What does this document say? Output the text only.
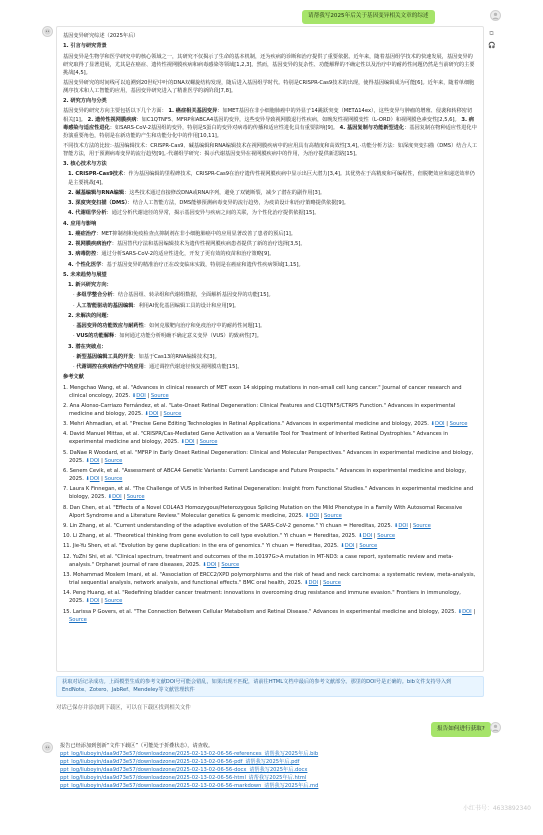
请帮我写2025年后关于基因变异相关文章的综述
⧉
🎧

基因变异研究综述（2025年后）

1. 引言与研究背景

基因变异是生物学和医学研究中的核心领域之一，其研究不仅揭示了生命的基本机制，还为疾病的诊断和治疗提供了重要依据。近年来，随着基因组学技术的快速发展，基因变异的研究取得了显著进展，尤其是在癌症、遗传性视网膜疾病和病毒感染等领域[1,2,3]。然而，基因变异的复杂性、功能解释的不确定性以及治疗中的耐药性问题仍然是当前研究的主要挑战[4,5]。

基因变异研究的时间线可以追溯到20世纪中叶的DNA双螺旋结构发现，随后进入基因组学时代。特别是CRISPR-Cas9技术的出现，使得基因编辑成为可能[6]。近年来，随着单细胞测序技术和人工智能的应用，基因变异研究进入了精准医学的新阶段[7,8]。

2. 研究方向与分类

基因变异的研究方向主要包括以下几个方面： 1. 癌症相关基因变异：如MET基因在非小细胞肺癌中的外显子14跳跃突变（METΔ14ex），这些变异与肿瘤的增殖、侵袭和转移密切相关[1]。 2. 遗传性视网膜疾病：如C1QTNF5、MFRP和ABCA4基因的变异，这些变异导致视网膜退行性疾病，如晚发性视网膜变性（L-ORD）和视网膜色素变性[2,5,6]。 3. 病毒感染与适应性进化：如SARS-CoV-2基因组的变异，特别是S蛋白的变异对病毒的传播和适应性进化具有重要影响[9]。 4. 基因复制与功能新型进化：基因复制在物种适应性进化中扮演重要角色，特别是在新功能的产生和功能分化中的作用[10,11]。

不同技术方法的比较：·基因编辑技术：CRISPR-Cas9、碱基编辑和RNA编辑技术在视网膜疾病中的应用具有高精度和高效性[3,4]。·功能分析方法：如深度突变扫描（DMS）结合人工智能方法，用于预测病毒变异的流行趋势[9]。·代谢组学研究：揭示代谢基因变异在视网膜疾病中的作用，为治疗提供新思路[15]。

3. 核心技术与方法

1. CRISPR-Cas9技术：作为基因编辑的里程碑技术，CRISPR-Cas9在治疗遗传性视网膜疾病中显示出巨大潜力[3,4]。其优势在于高精度和可编程性，但脱靶效应和递送效率仍是主要挑战[4]。

2. 碱基编辑与RNA编辑：这些技术通过直接修改DNA或RNA序列，避免了双链断裂，减少了潜在的副作用[3]。

3. 深度突变扫描（DMS）：结合人工智能方法，DMS能够预测病毒变异的流行趋势，为疫苗设计和治疗策略提供依据[9]。

4. 代谢组学分析：通过分析代谢途径的异常，揭示基因变异与疾病之间的关联，为个性化治疗提供依据[15]。

4. 应用与影响

1. 癌症治疗：MET抑制剂和免疫检查点抑制剂在非小细胞肺癌中的应用显著改善了患者的预后[1]。

2. 视网膜疾病治疗：基因替代疗法和基因编辑技术为遗传性视网膜疾病患者提供了新的治疗选择[3,5]。

3. 病毒防控：通过分析SARS-CoV-2的适应性进化，开发了更有效的疫苗和治疗策略[9]。

4. 个性化医学：基于基因变异的精准治疗正在改变临床实践，特别是在癌症和遗传性疾病领域[1,15]。

5. 未来趋势与展望

1. 新兴研究方向：

· 多组学整合分析：结合基因组、转录组和代谢组数据，全面解析基因变异的功能[15]。

· 人工智能驱动的基因编辑：利用AI优化基因编辑工具的设计和应用[9]。

2. 未解决的问题：

· 基因变异的功能效应与耐药性：如何克服靶向治疗和免疫治疗中的耐药性问题[1]。

· VUS的功能解释：如何通过功能分析明确不确定意义变异（VUS）的致病性[7]。

3. 潜在突破点：

· 新型基因编辑工具的开发：如基于Cas13的RNA编辑技术[3]。

· 代谢调控在疾病治疗中的应用：通过调控代谢途径恢复视网膜功能[15]。

参考文献

1. Mengchao Wang, et al. "Advances in clinical research of MET exon 14 skipping mutations in non-small cell lung cancer." Journal of cancer research and clinical oncology, 2025. ⬇DOI | Source

2. Ana Alonso-Carriazo Fernández, et al. "Late-Onset Retinal Degeneration: Clinical Features and C1QTNF5/CTRP5 Function." Advances in experimental medicine and biology, 2025. ⬇DOI | Source

3. Mehri Ahmadian, et al. "Precise Gene Editing Technologies in Retinal Applications." Advances in experimental medicine and biology, 2025. ⬇DOI | Source

4. David Manuel Mittas, et al. "CRISPR/Cas-Mediated Gene Activation as a Versatile Tool for Treatment of Inherited Retinal Dystrophies." Advances in experimental medicine and biology, 2025. ⬇DOI | Source

5. DaNae R Woodard, et al. "MFRP in Early Onset Retinal Degeneration: Clinical and Molecular Perspectives." Advances in experimental medicine and biology, 2025. ⬇DOI | Source

6. Senem Cevik, et al. "Assessment of ABCA4 Genetic Variants: Current Landscape and Future Prospects." Advances in experimental medicine and biology, 2025. ⬇DOI | Source

7. Laura K Finnegan, et al. "The Challenge of VUS in Inherited Retinal Degeneration: Insight from Functional Studies." Advances in experimental medicine and biology, 2025. ⬇DOI | Source

8. Dan Chen, et al. "Effects of a Novel COL4A3 Homozygous/Heterozygous Splicing Mutation on the Mild Phenotype in a Family With Autosomal Recessive Alport Syndrome and a Literature Review." Molecular genetics & genomic medicine, 2025. ⬇DOI | Source

9. Lin Zhang, et al. "Current understanding of the adaptive evolution of the SARS-CoV-2 genome." Yi chuan = Hereditas, 2025. ⬇DOI | Source

10. Li Zhang, et al. "Theoretical thinking from gene evolution to cell type evolution." Yi chuan = Hereditas, 2025. ⬇DOI | Source

11. Jie-Yu Shen, et al. "Evolution by gene duplication: in the era of genomics." Yi chuan = Hereditas, 2025. ⬇DOI | Source

12. YuZhi Shi, et al. "Clinical spectrum, treatment and outcomes of the m.10197G>A mutation in MT-ND3: a case report, systematic review and meta-analysis." Orphanet journal of rare diseases, 2025. ⬇DOI | Source

13. Mohammad Moslem Imani, et al. "Association of ERCC2/XPD polymorphisms and the risk of head and neck carcinoma: a systematic review, meta-analysis, trial sequential analysis, network analysis, and functional effects." BMC oral health, 2025. ⬇DOI | Source

14. Peng Huang, et al. "Redefining bladder cancer treatment: innovations in overcoming drug resistance and immune evasion." Frontiers in immunology, 2025. ⬇DOI | Source

15. Larissa P Govers, et al. "The Connection Between Cellular Metabolism and Retinal Disease." Advances in experimental medicine and biology, 2025. ⬇DOI | Source

获取对话记录成功。上面模型生成的参考文献DOI号可能会错乱，如果出现不匹配，请前往HTML文档中最后的参考文献部分。那里的DOI号是正确的。bib文件支持导入到EndNote、Zotero、JabRef、Mendeley等文献管理软件
对话已保存并添加到下载区，可以在下载区找到相关文件
报告如何进行获取?
报告已经添加到创新“文件下载区”（可能处于折叠状态），请查收。
ppt_log/liuboyin/daa9d73e57/downloadzone/2025-02-13-02-06-56-references_请帮我写2025年后.bib
ppt_log/liuboyin/daa9d73e57/downloadzone/2025-02-13-02-06-56-pdf_请帮我写2025年后.pdf
ppt_log/liuboyin/daa9d73e57/downloadzone/2025-02-13-02-06-56-docx_请帮我写2025年后.docx
ppt_log/liuboyin/daa9d73e57/downloadzone/2025-02-13-02-06-56-html_请帮我写2025年后.html
ppt_log/liuboyin/daa9d73e57/downloadzone/2025-02-13-02-06-56-markdown_请帮我写2025年后.md
小红书号：4633892340
